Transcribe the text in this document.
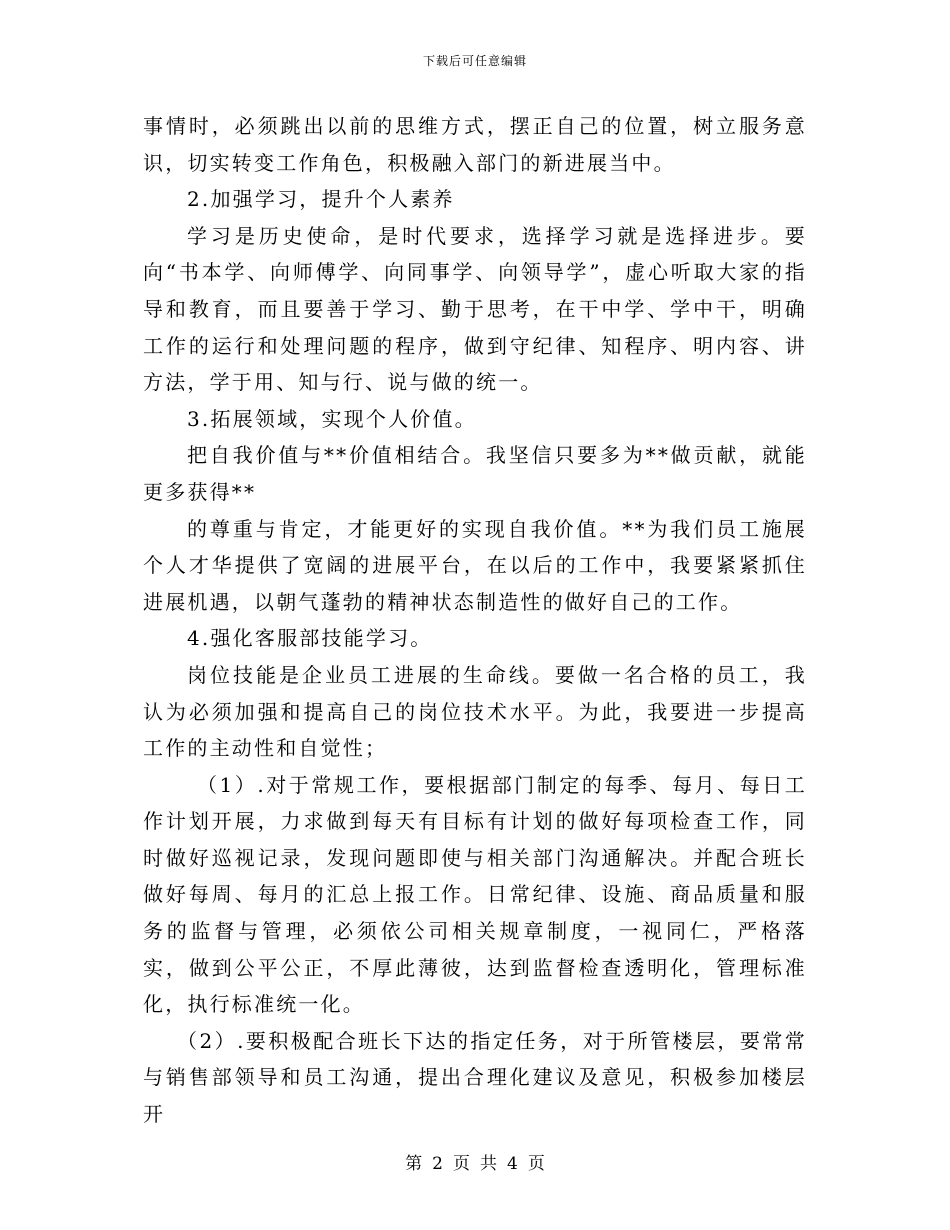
下载后可任意编辑

事情时，必须跳出以前的思维方式，摆正自己的位置，树立服务意识，切实转变工作角色，积极融入部门的新进展当中。

2.加强学习，提升个人素养

学习是历史使命，是时代要求，选择学习就是选择进步。要向“书本学、向师傅学、向同事学、向领导学”，虚心听取大家的指导和教育，而且要善于学习、勤于思考，在干中学、学中干，明确工作的运行和处理问题的程序，做到守纪律、知程序、明内容、讲方法，学于用、知与行、说与做的统一。

3.拓展领域，实现个人价值。

把自我价值与**价值相结合。我坚信只要多为**做贡献，就能更多获得**

的尊重与肯定，才能更好的实现自我价值。**为我们员工施展个人才华提供了宽阔的进展平台，在以后的工作中，我要紧紧抓住进展机遇，以朝气蓬勃的精神状态制造性的做好自己的工作。

4.强化客服部技能学习。

岗位技能是企业员工进展的生命线。要做一名合格的员工，我认为必须加强和提高自己的岗位技术水平。为此，我要进一步提高工作的主动性和自觉性；

（1）.对于常规工作，要根据部门制定的每季、每月、每日工作计划开展，力求做到每天有目标有计划的做好每项检查工作，同时做好巡视记录，发现问题即使与相关部门沟通解决。并配合班长做好每周、每月的汇总上报工作。日常纪律、设施、商品质量和服务的监督与管理，必须依公司相关规章制度，一视同仁，严格落实，做到公平公正，不厚此薄彼，达到监督检查透明化，管理标准化，执行标准统一化。

（2）.要积极配合班长下达的指定任务，对于所管楼层，要常常与销售部领导和员工沟通，提出合理化建议及意见，积极参加楼层开

第 2 页 共 4 页
